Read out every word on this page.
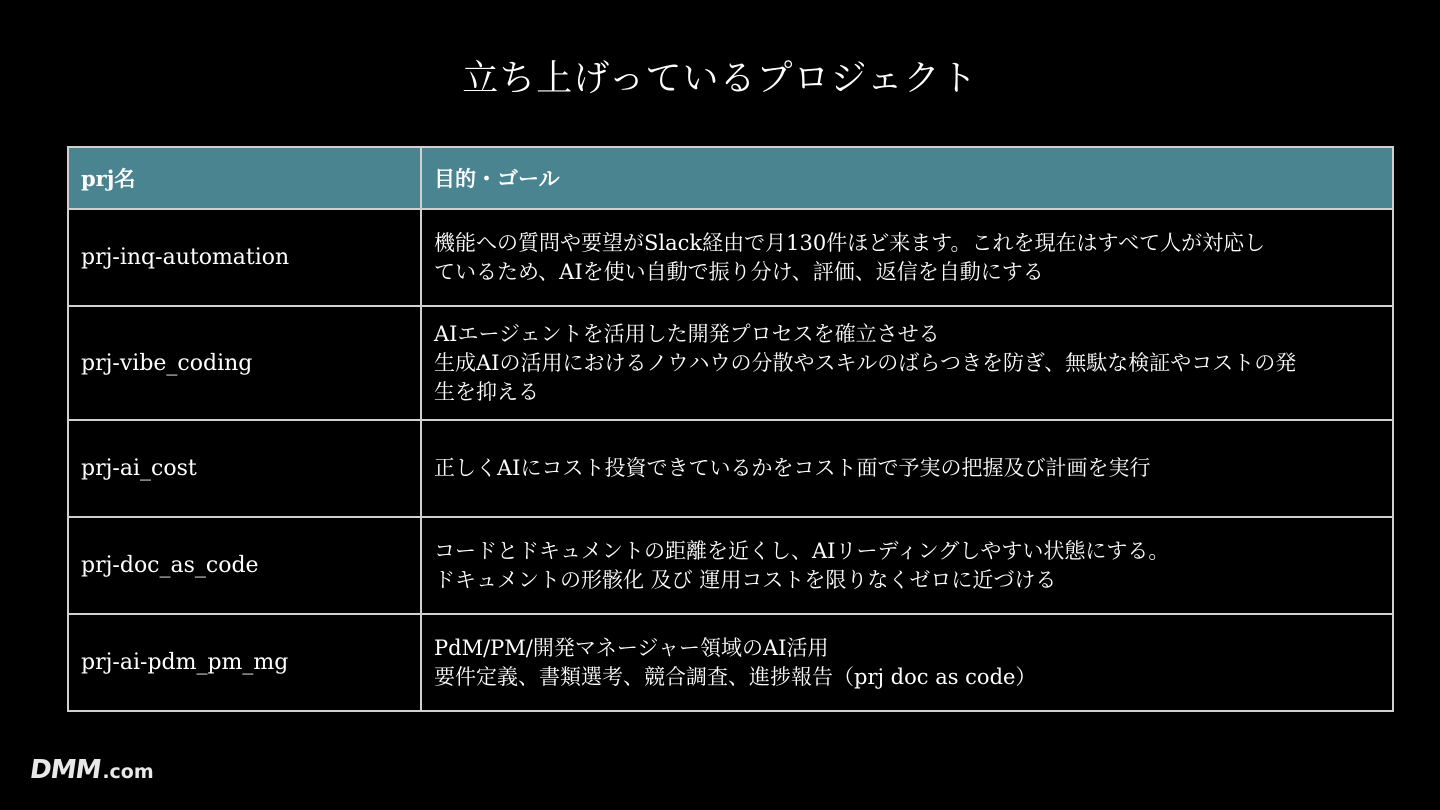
立ち上げっているプロジェクト
prj名	目的・ゴール
prj-inq-automation	機能への質問や要望がSlack経由で月130件ほど来ます。これを現在はすべて人が対応し
ているため、AIを使い自動で振り分け、評価、返信を自動にする

prj-vibe_coding	AIエージェントを活用した開発プロセスを確立させる
生成AIの活用におけるノウハウの分散やスキルのばらつきを防ぎ、無駄な検証やコストの発
生を抑える

prj-ai_cost	正しくAIにコスト投資できているかをコスト面で予実の把握及び計画を実行

prj-doc_as_code	コードとドキュメントの距離を近くし、AIリーディングしやすい状態にする。
ドキュメントの形骸化 及び 運用コストを限りなくゼロに近づける

prj-ai-pdm_pm_mg	PdM/PM/開発マネージャー領域のAI活用
要件定義、書類選考、競合調査、進捗報告（prj doc as code）
DMM .com
